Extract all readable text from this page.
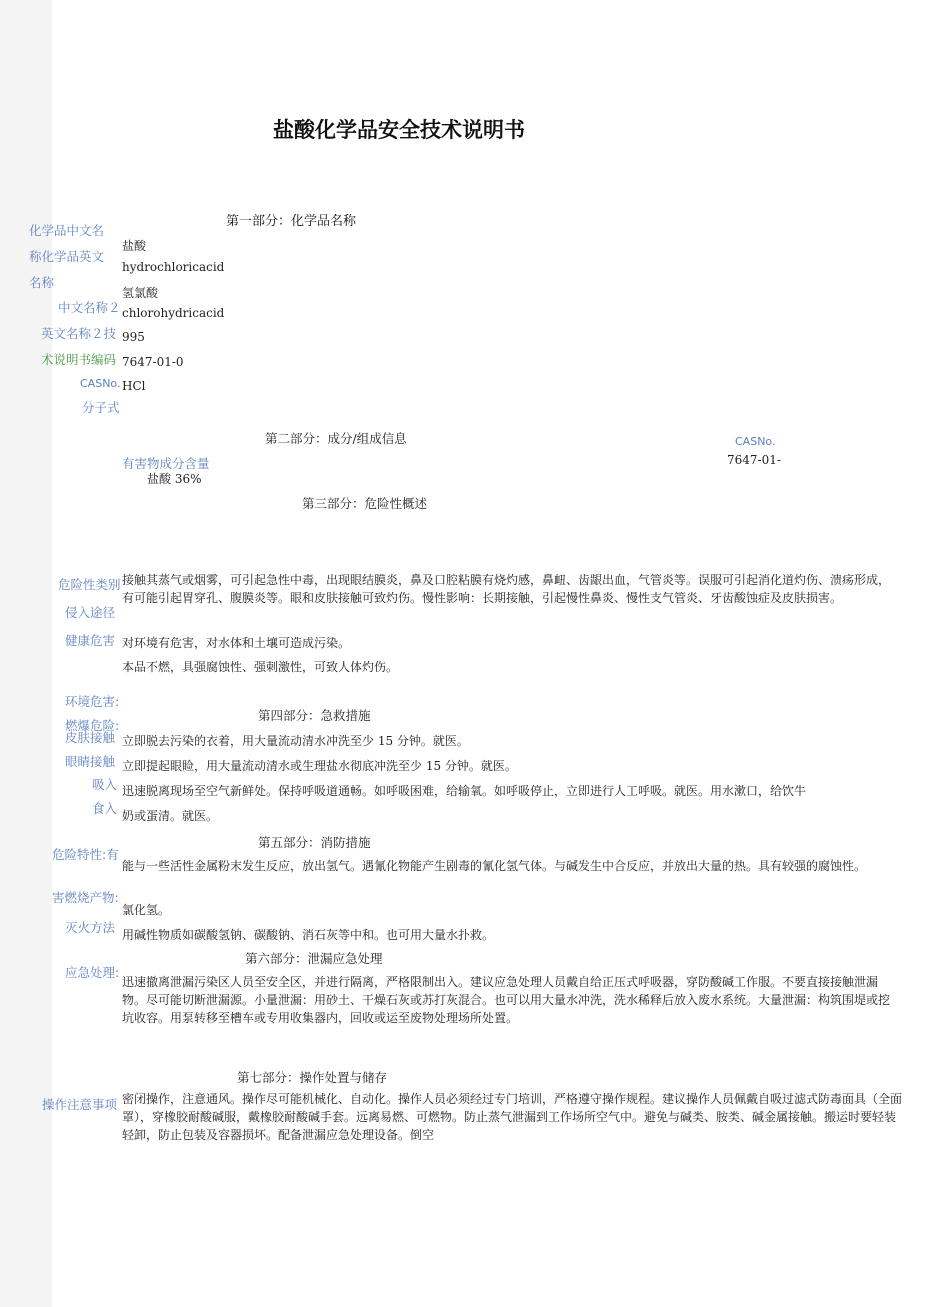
盐酸化学品安全技术说明书
第一部分：化学品名称
化学品中文名
称化学品英文
名称
中文名称２
英文名称２技
术说明书编码
CASNo.
分子式
盐酸
hydrochloricacid
氢氯酸
chlorohydricacid
995
7647-01-0
HCl
第二部分：成分/组成信息
有害物成分含量
盐酸 36%
CASNo.
7647-01-
第三部分：危险性概述
危险性类别
侵入途径
健康危害
环境危害:
燃爆危险:
接触其蒸气或烟雾，可引起急性中毒，出现眼结膜炎，鼻及口腔粘膜有烧灼感，鼻衄、齿龈出血，气管炎等。误服可引起消化道灼伤、溃疡形成，有可能引起胃穿孔、腹膜炎等。眼和皮肤接触可致灼伤。慢性影响：长期接触，引起慢性鼻炎、慢性支气管炎、牙齿酸蚀症及皮肤损害。
对环境有危害，对水体和土壤可造成污染。
本品不燃，具强腐蚀性、强刺激性，可致人体灼伤。
第四部分：急救措施
皮肤接触
眼睛接触
吸入
食入
立即脱去污染的衣着，用大量流动清水冲洗至少 15 分钟。就医。
立即提起眼睑，用大量流动清水或生理盐水彻底冲洗至少 15 分钟。就医。
迅速脱离现场至空气新鲜处。保持呼吸道通畅。如呼吸困难，给输氧。如呼吸停止，立即进行人工呼吸。就医。用水漱口，给饮牛
奶或蛋清。就医。
第五部分：消防措施
危险特性:有
害燃烧产物:
灭火方法
能与一些活性金属粉末发生反应，放出氢气。遇氰化物能产生剧毒的氰化氢气体。与碱发生中合反应，并放出大量的热。具有较强的腐蚀性。
氯化氢。
用碱性物质如碳酸氢钠、碳酸钠、消石灰等中和。也可用大量水扑救。
第六部分：泄漏应急处理
应急处理:
迅速撤离泄漏污染区人员至安全区，并进行隔离，严格限制出入。建议应急处理人员戴自给正压式呼吸器，穿防酸碱工作服。不要直接接触泄漏物。尽可能切断泄漏源。小量泄漏：用砂土、干燥石灰或苏打灰混合。也可以用大量水冲洗，洗水稀释后放入废水系统。大量泄漏：构筑围堤或挖坑收容。用泵转移至槽车或专用收集器内，回收或运至废物处理场所处置。
第七部分：操作处置与储存
操作注意事项 密闭操作，注意通风。操作尽可能机械化、自动化。操作人员必须经过专门培训，严格遵守操作规程。建议操作人员佩戴自吸过滤式防毒面具（全面罩），穿橡胶耐酸碱服，戴橡胶耐酸碱手套。远离易燃、可燃物。防止蒸气泄漏到工作场所空气中。避免与碱类、胺类、碱金属接触。搬运时要轻装轻卸，防止包装及容器损坏。配备泄漏应急处理设备。倒空
